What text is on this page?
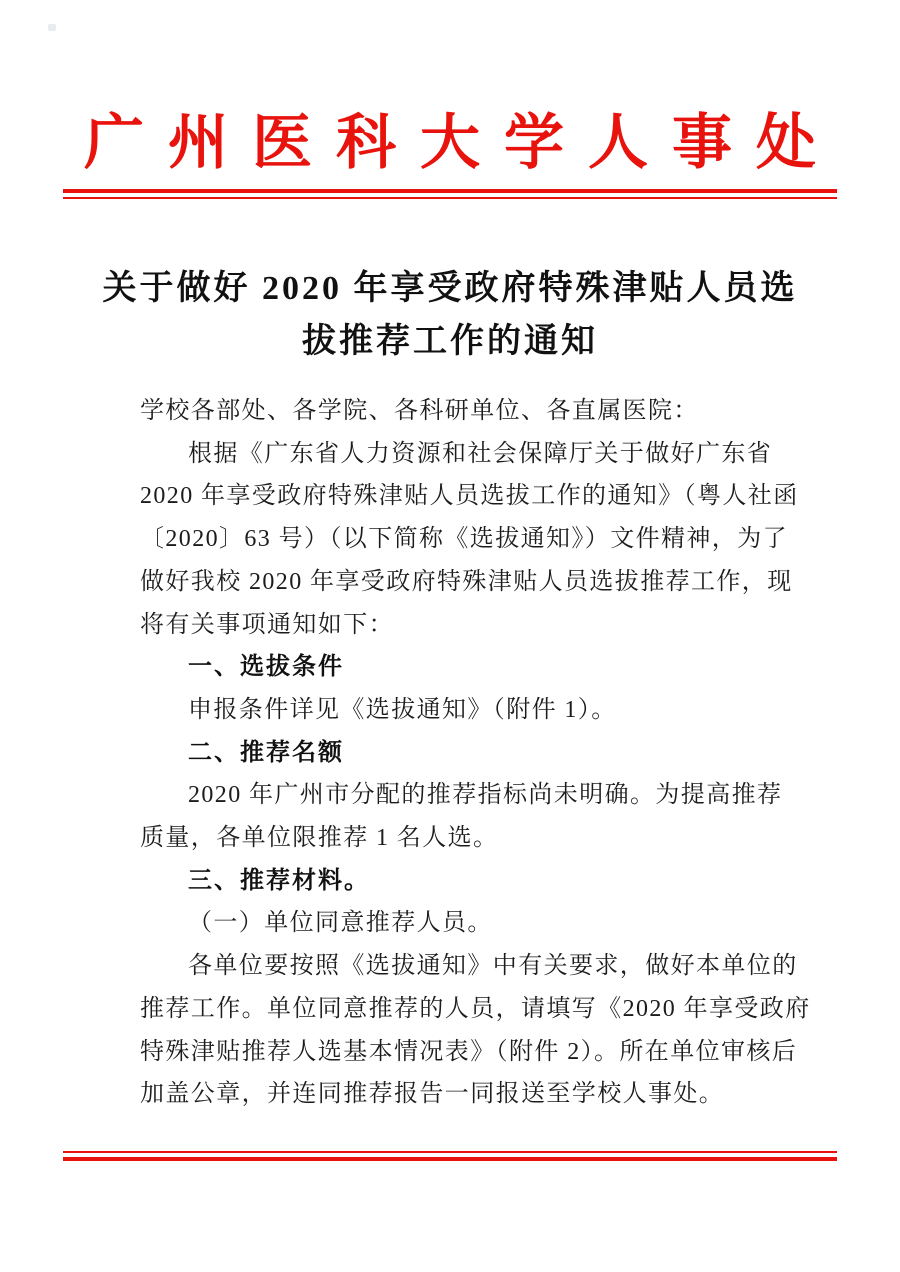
广州医科大学人事处
关于做好 2020 年享受政府特殊津贴人员选
拔推荐工作的通知
学校各部处、各学院、各科研单位、各直属医院：
根据《广东省人力资源和社会保障厅关于做好广东省
2020 年享受政府特殊津贴人员选拔工作的通知》（粤人社函
〔2020〕63 号）（以下简称《选拔通知》）文件精神，为了
做好我校 2020 年享受政府特殊津贴人员选拔推荐工作，现
将有关事项通知如下：
一、选拔条件
申报条件详见《选拔通知》（附件 1）。
二、推荐名额
2020 年广州市分配的推荐指标尚未明确。为提高推荐
质量，各单位限推荐 1 名人选。
三、推荐材料。
（一）单位同意推荐人员。
各单位要按照《选拔通知》中有关要求，做好本单位的
推荐工作。单位同意推荐的人员，请填写《2020 年享受政府
特殊津贴推荐人选基本情况表》（附件 2）。所在单位审核后
加盖公章，并连同推荐报告一同报送至学校人事处。
